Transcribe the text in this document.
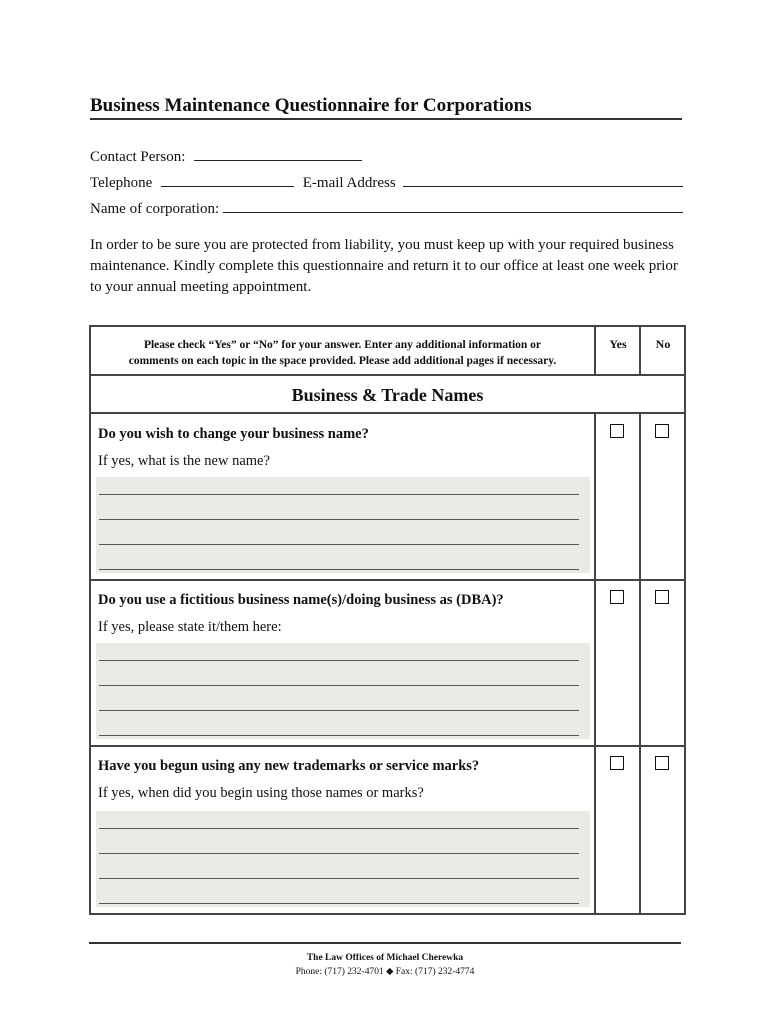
Business Maintenance Questionnaire for Corporations
Contact Person:
Telephone	E-mail Address
Name of corporation:
In order to be sure you are protected from liability, you must keep up with your required business maintenance. Kindly complete this questionnaire and return it to our office at least one week prior to your annual meeting appointment.
Please check “Yes” or “No” for your answer. Enter any additional information or
comments on each topic in the space provided. Please add additional pages if necessary.
Yes	No
Business & Trade Names
Do you wish to change your business name?
If yes, what is the new name?
Do you use a fictitious business name(s)/doing business as (DBA)?
If yes, please state it/them here:
Have you begun using any new trademarks or service marks?
If yes, when did you begin using those names or marks?
The Law Offices of Michael Cherewka
Phone: (717) 232-4701 ◆ Fax: (717) 232-4774
